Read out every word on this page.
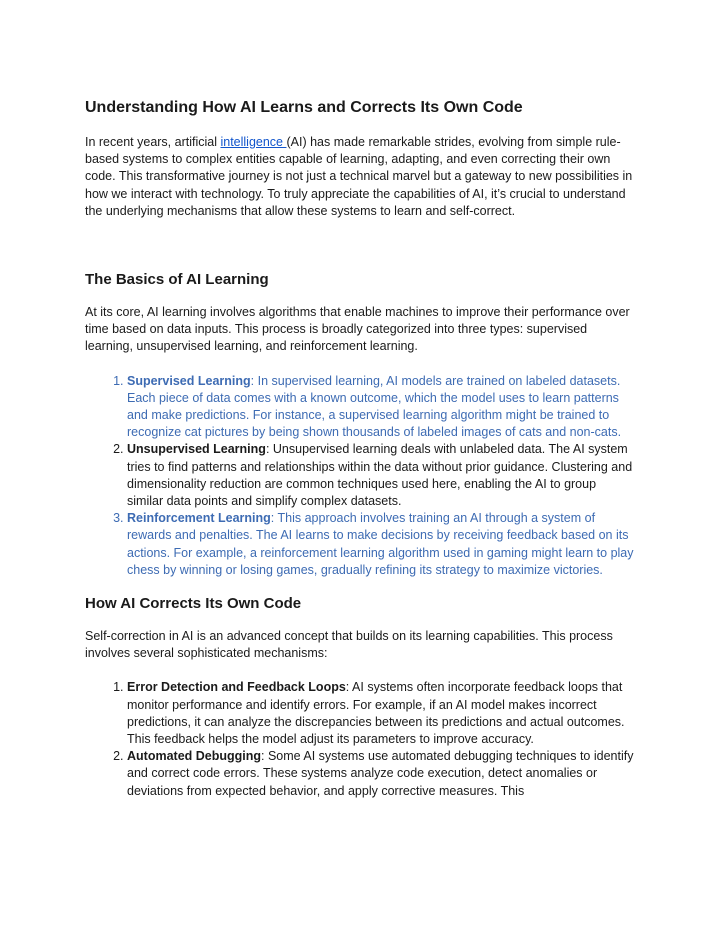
Understanding How AI Learns and Corrects Its Own Code

In recent years, artificial intelligence (AI) has made remarkable strides, evolving from simple rule-based systems to complex entities capable of learning, adapting, and even correcting their own code. This transformative journey is not just a technical marvel but a gateway to new possibilities in how we interact with technology. To truly appreciate the capabilities of AI, it’s crucial to understand the underlying mechanisms that allow these systems to learn and self-correct.

The Basics of AI Learning

At its core, AI learning involves algorithms that enable machines to improve their performance over time based on data inputs. This process is broadly categorized into three types: supervised learning, unsupervised learning, and reinforcement learning.

1. Supervised Learning: In supervised learning, AI models are trained on labeled datasets. Each piece of data comes with a known outcome, which the model uses to learn patterns and make predictions. For instance, a supervised learning algorithm might be trained to recognize cat pictures by being shown thousands of labeled images of cats and non-cats.
2. Unsupervised Learning: Unsupervised learning deals with unlabeled data. The AI system tries to find patterns and relationships within the data without prior guidance. Clustering and dimensionality reduction are common techniques used here, enabling the AI to group similar data points and simplify complex datasets.
3. Reinforcement Learning: This approach involves training an AI through a system of rewards and penalties. The AI learns to make decisions by receiving feedback based on its actions. For example, a reinforcement learning algorithm used in gaming might learn to play chess by winning or losing games, gradually refining its strategy to maximize victories.
How AI Corrects Its Own Code

Self-correction in AI is an advanced concept that builds on its learning capabilities. This process involves several sophisticated mechanisms:

1. Error Detection and Feedback Loops: AI systems often incorporate feedback loops that monitor performance and identify errors. For example, if an AI model makes incorrect predictions, it can analyze the discrepancies between its predictions and actual outcomes. This feedback helps the model adjust its parameters to improve accuracy.
2. Automated Debugging: Some AI systems use automated debugging techniques to identify and correct code errors. These systems analyze code execution, detect anomalies or deviations from expected behavior, and apply corrective measures. This
